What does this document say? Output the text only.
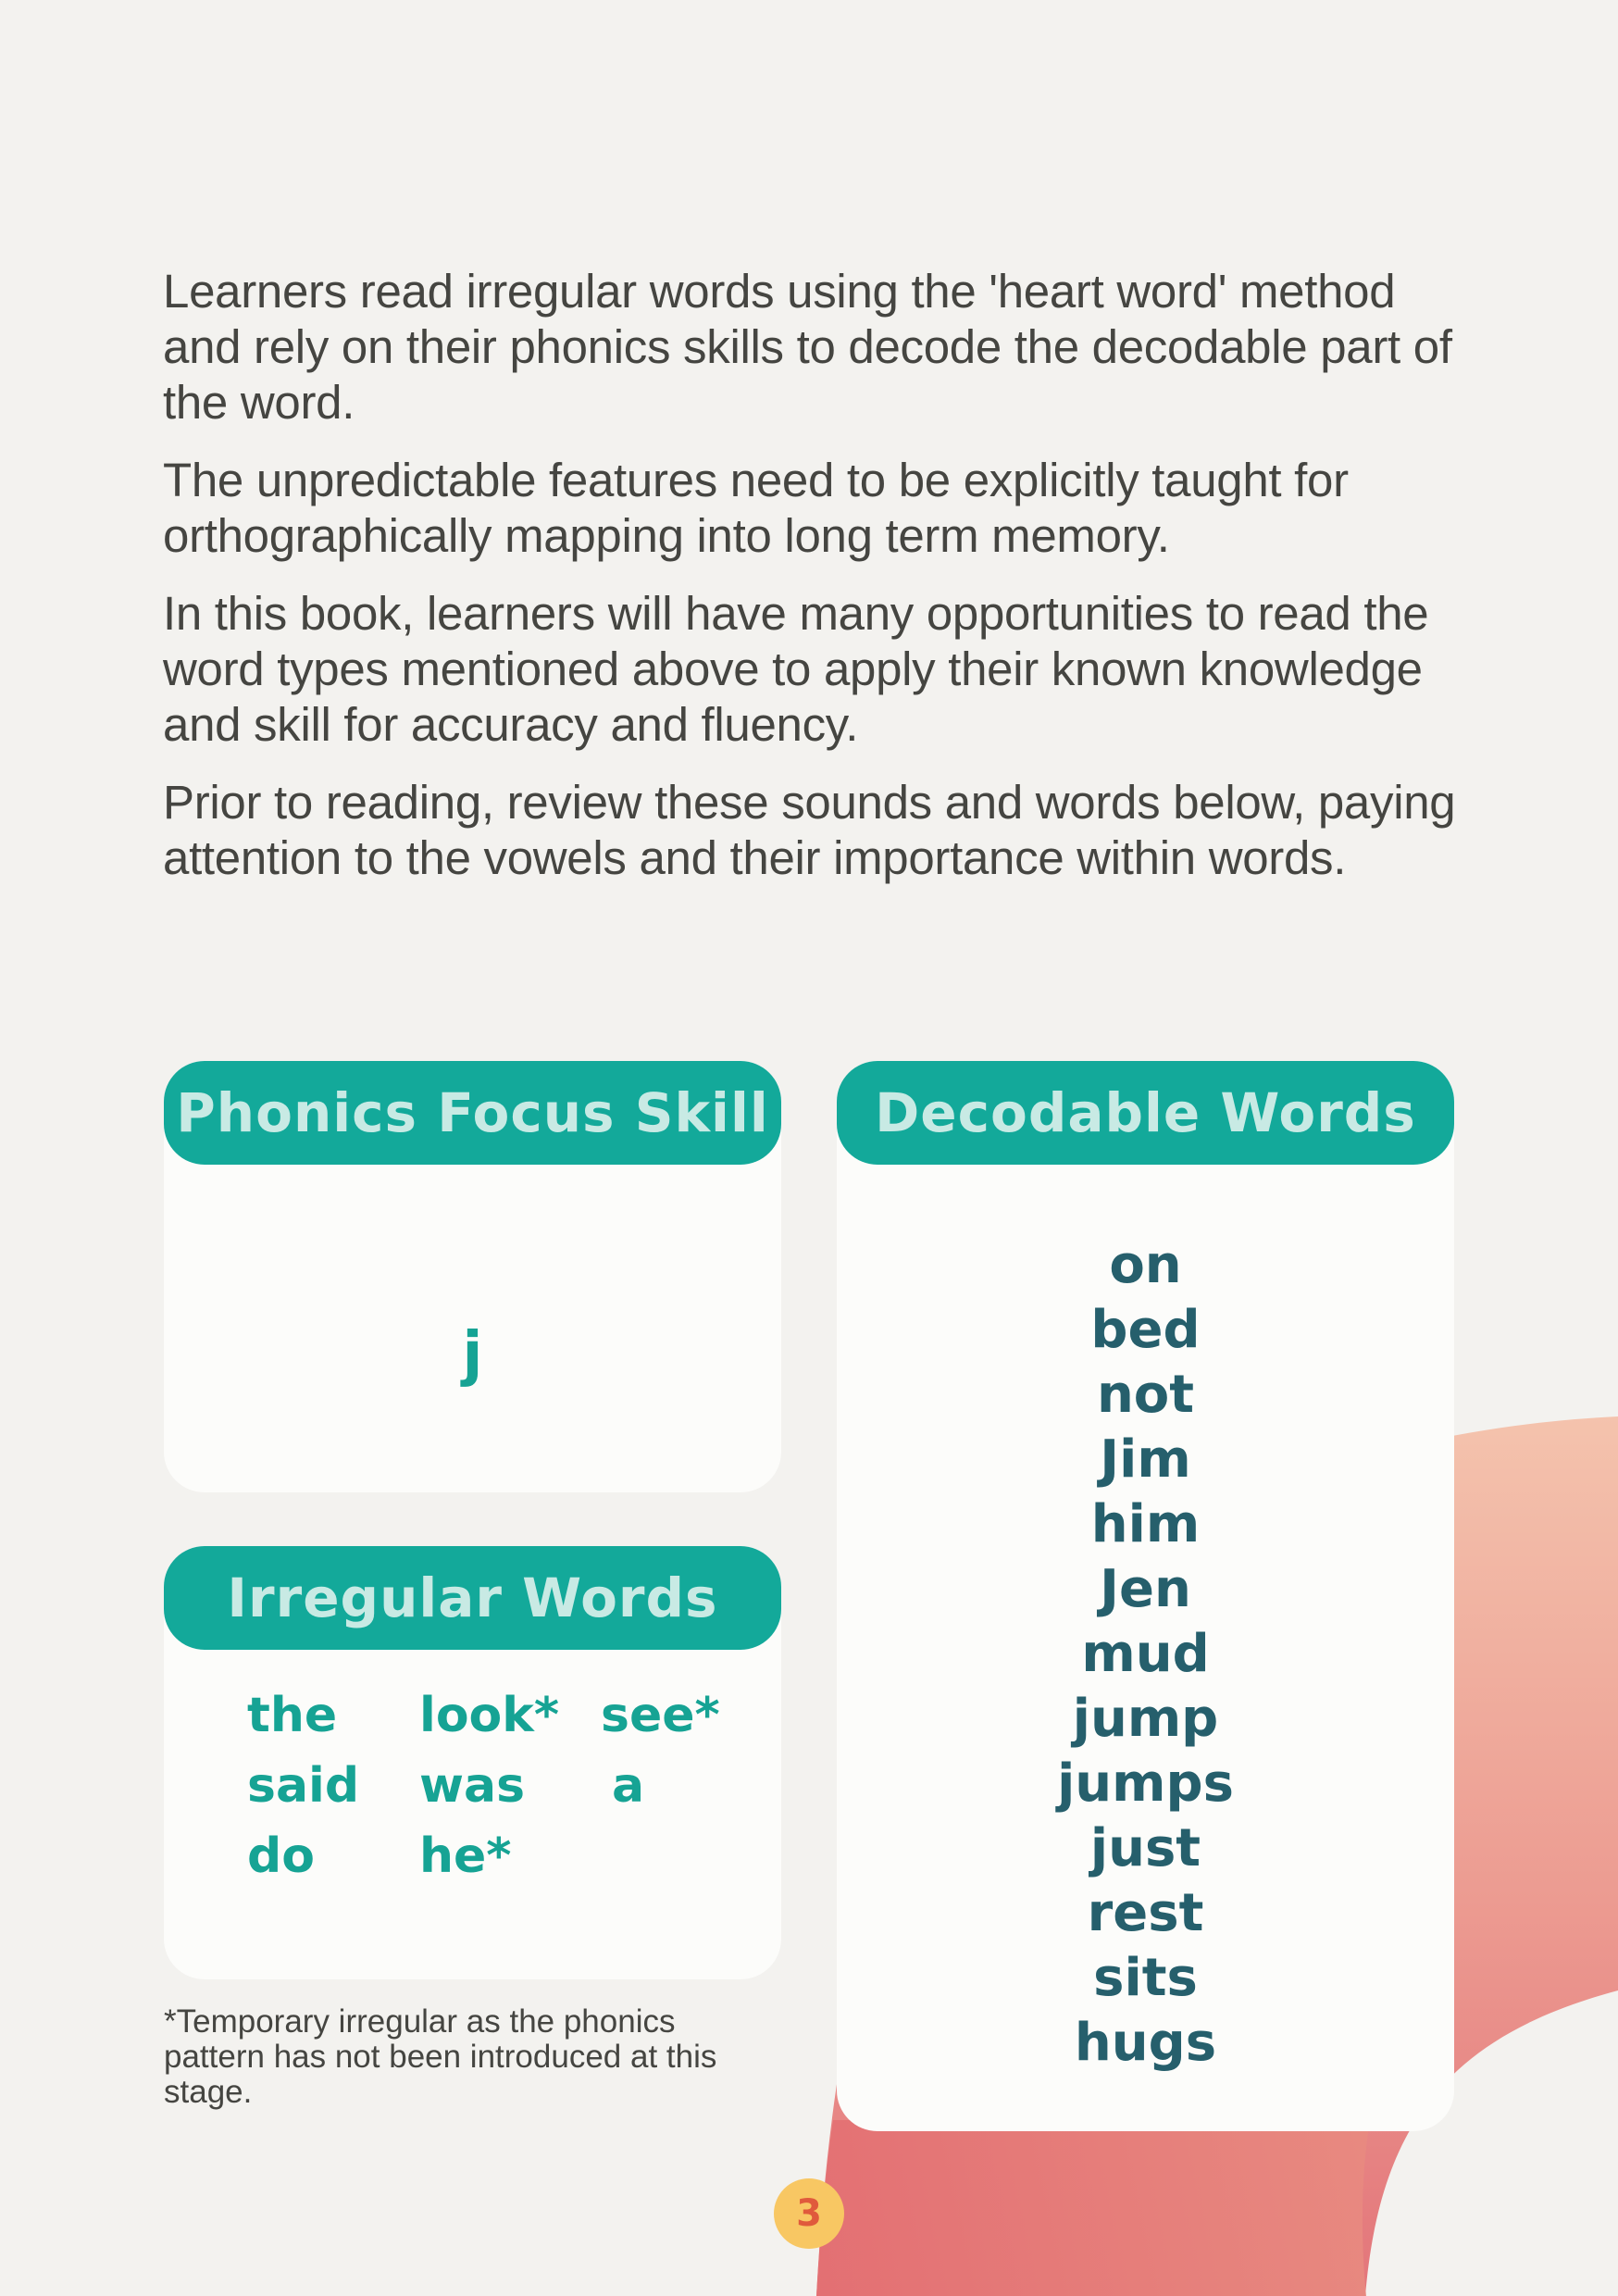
Learners read irregular words using the 'heart word' method and rely on their phonics skills to decode the decodable part of the word.

The unpredictable features need to be explicitly taught for orthographically mapping into long term memory.

In this book, learners will have many opportunities to read the word types mentioned above to apply their known knowledge and skill for accuracy and fluency.

Prior to reading, review these sounds and words below, paying attention to the vowels and their importance within words.

Phonics Focus Skill
j
Irregular Words
the	look* see*
said	was	a
do	he*
*Temporary irregular as the phonics pattern has not been introduced at this stage.
Decodable Words
on
bed
not
Jim
him
Jen
mud
jump
jumps
just
rest
sits
hugs
3
